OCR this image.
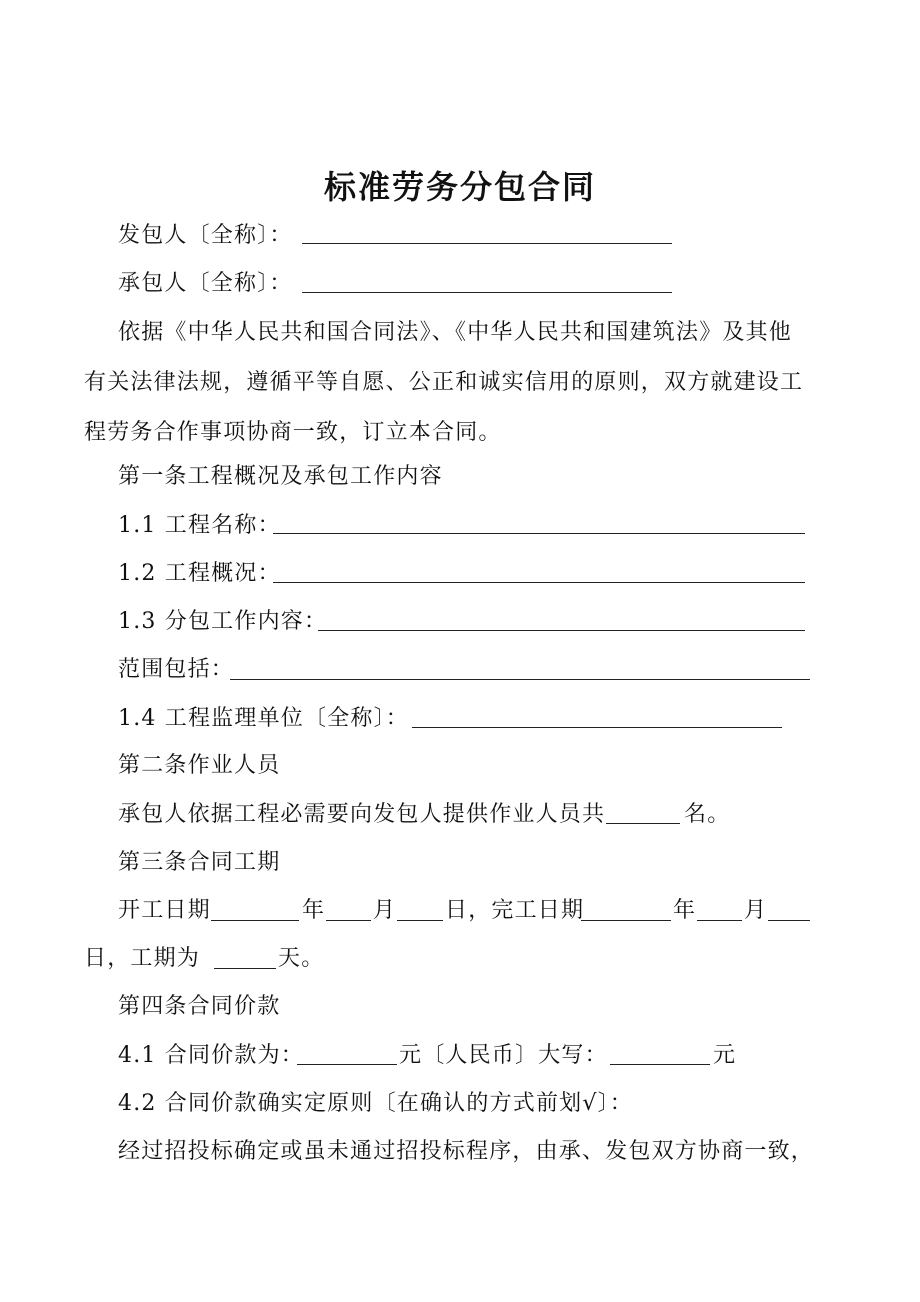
标准劳务分包合同
发包人〔全称〕：
承包人〔全称〕：

依据《中华人民共和国合同法》、《中华人民共和国建筑法》及其他有关法律法规，遵循平等自愿、公正和诚实信用的原则，双方就建设工程劳务合作事项协商一致，订立本合同。

第一条工程概况及承包工作内容
1.1 工程名称：
1.2 工程概况：
1.3 分包工作内容：
范围包括：
1.4 工程监理单位〔全称〕：
第二条作业人员
承包人依据工程必需要向发包人提供作业人员共	名。
第三条合同工期
开工日期	年 月 日，完工日期	年 月
日，工期为	天。
第四条合同价款
4.1 合同价款为：	元〔人民币〕大写：	元
4.2 合同价款确实定原则〔在确认的方式前划√〕：
经过招投标确定或虽未通过招投标程序，由承、发包双方协商一致，
